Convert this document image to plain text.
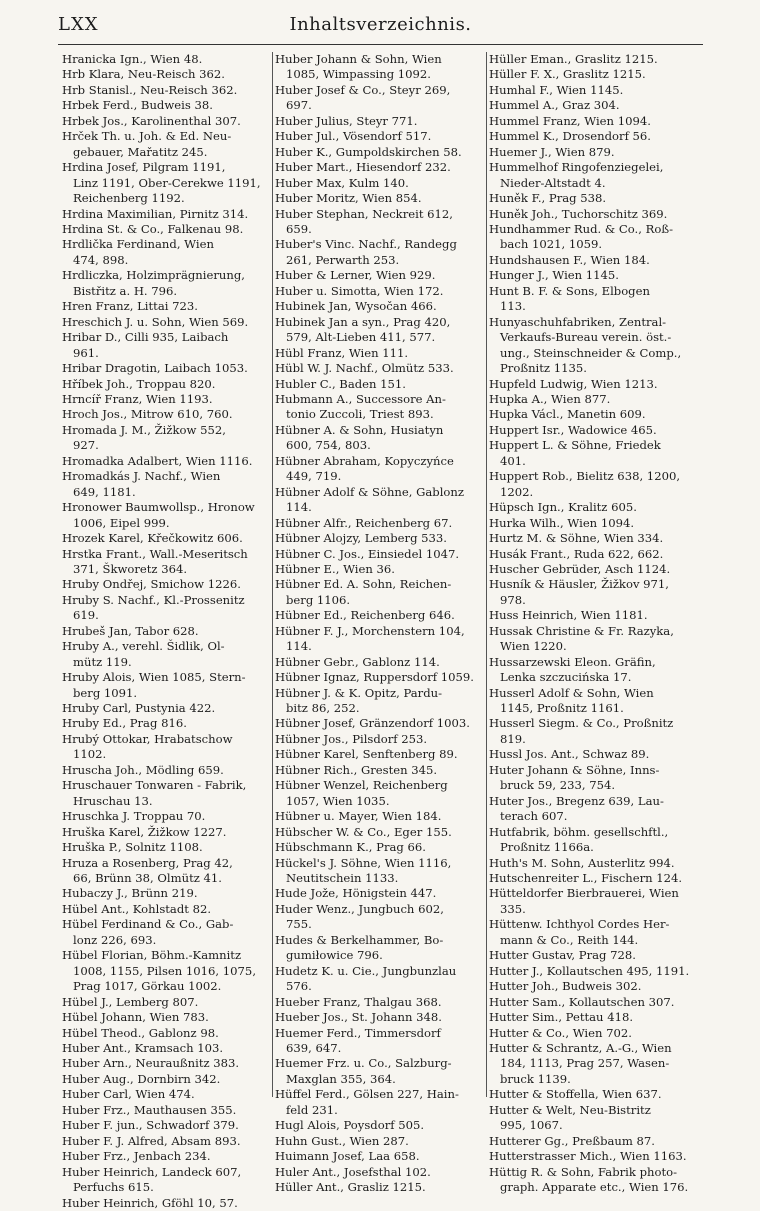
LXX	Inhaltsverzeichnis.
Hranicka Ign., Wien 48.
Hrb Klara, Neu-Reisch 362.
Hrb Stanisl., Neu-Reisch 362.
Hrbek Ferd., Budweis 38.
Hrbek Jos., Karolinenthal 307.
Hrček Th. u. Joh. & Ed. Neu-
gebauer, Mařatitz 245.
Hrdina Josef, Pilgram 1191,
Linz 1191, Ober-Cerekwe 1191,
Reichenberg 1192.
Hrdina Maximilian, Pirnitz 314.
Hrdina St. & Co., Falkenau 98.
Hrdlička Ferdinand, Wien
474, 898.
Hrdliczka, Holzimprägnierung,
Bistřitz a. H. 796.
Hren Franz, Littai 723.
Hreschich J. u. Sohn, Wien 569.
Hribar D., Cilli 935, Laibach
961.
Hribar Dragotin, Laibach 1053.
Hříbek Joh., Troppau 820.
Hrncíř Franz, Wien 1193.
Hroch Jos., Mitrow 610, 760.
Hromada J. M., Žižkow 552,
927.
Hromadka Adalbert, Wien 1116.
Hromadkás J. Nachf., Wien
649, 1181.
Hronower Baumwollsp., Hronow
1006, Eipel 999.
Hrozek Karel, Křečkowitz 606.
Hrstka Frant., Wall.-Meseritsch
371, Škworetz 364.
Hruby Ondřej, Smichow 1226.
Hruby S. Nachf., Kl.-Prossenitz
619.
Hrubeš Jan, Tabor 628.
Hruby A., verehl. Šidlik, Ol-
mütz 119.
Hruby Alois, Wien 1085, Stern-
berg 1091.
Hruby Carl, Pustynia 422.
Hruby Ed., Prag 816.
Hrubý Ottokar, Hrabatschow
1102.
Hruscha Joh., Mödling 659.
Hruschauer Tonwaren - Fabrik,
Hruschau 13.
Hruschka J. Troppau 70.
Hruška Karel, Žižkow 1227.
Hruška P., Solnitz 1108.
Hruza a Rosenberg, Prag 42,
66, Brünn 38, Olmütz 41.
Hubaczy J., Brünn 219.
Hübel Ant., Kohlstadt 82.
Hübel Ferdinand & Co., Gab-
lonz 226, 693.
Hübel Florian, Böhm.-Kamnitz
1008, 1155, Pilsen 1016, 1075,
Prag 1017, Görkau 1002.
Hübel J., Lemberg 807.
Hübel Johann, Wien 783.
Hübel Theod., Gablonz 98.
Huber Ant., Kramsach 103.
Huber Arn., Neuraußnitz 383.
Huber Aug., Dornbirn 342.
Huber Carl, Wien 474.
Huber Frz., Mauthausen 355.
Huber F. jun., Schwadorf 379.
Huber F. J. Alfred, Absam 893.
Huber Frz., Jenbach 234.
Huber Heinrich, Landeck 607,
Perfuchs 615.
Huber Heinrich, Gföhl 10, 57.
Huber Johann & Sohn, Wien
1085, Wimpassing 1092.
Huber Josef & Co., Steyr 269,
697.
Huber Julius, Steyr 771.
Huber Jul., Vösendorf 517.
Huber K., Gumpoldskirchen 58.
Huber Mart., Hiesendorf 232.
Huber Max, Kulm 140.
Huber Moritz, Wien 854.
Huber Stephan, Neckreit 612,
659.
Huber's Vinc. Nachf., Randegg
261, Perwarth 253.
Huber & Lerner, Wien 929.
Huber u. Simotta, Wien 172.
Hubinek Jan, Wysočan 466.
Hubinek Jan a syn., Prag 420,
579, Alt-Lieben 411, 577.
Hübl Franz, Wien 111.
Hübl W. J. Nachf., Olmütz 533.
Hubler C., Baden 151.
Hubmann A., Successore An-
tonio Zuccoli, Triest 893.
Hübner A. & Sohn, Husiatyn
600, 754, 803.
Hübner Abraham, Kopyczyńce
449, 719.
Hübner Adolf & Söhne, Gablonz
114.
Hübner Alfr., Reichenberg 67.
Hübner Alojzy, Lemberg 533.
Hübner C. Jos., Einsiedel 1047.
Hübner E., Wien 36.
Hübner Ed. A. Sohn, Reichen-
berg 1106.
Hübner Ed., Reichenberg 646.
Hübner F. J., Morchenstern 104,
114.
Hübner Gebr., Gablonz 114.
Hübner Ignaz, Ruppersdorf 1059.
Hübner J. & K. Opitz, Pardu-
bitz 86, 252.
Hübner Josef, Gränzendorf 1003.
Hübner Jos., Pilsdorf 253.
Hübner Karel, Senftenberg 89.
Hübner Rich., Gresten 345.
Hübner Wenzel, Reichenberg
1057, Wien 1035.
Hübner u. Mayer, Wien 184.
Hübscher W. & Co., Eger 155.
Hübschmann K., Prag 66.
Hückel's J. Söhne, Wien 1116,
Neutitschein 1133.
Hude Jože, Hönigstein 447.
Huder Wenz., Jungbuch 602,
755.
Hudes & Berkelhammer, Bo-
gumiłowice 796.
Hudetz K. u. Cie., Jungbunzlau
576.
Hueber Franz, Thalgau 368.
Hueber Jos., St. Johann 348.
Huemer Ferd., Timmersdorf
639, 647.
Huemer Frz. u. Co., Salzburg-
Maxglan 355, 364.
Hüffel Ferd., Gölsen 227, Hain-
feld 231.
Hugl Alois, Poysdorf 505.
Huhn Gust., Wien 287.
Huimann Josef, Laa 658.
Huler Ant., Josefsthal 102.
Hüller Ant., Grasliz 1215.
Hüller Eman., Graslitz 1215.
Hüller F. X., Graslitz 1215.
Humhal F., Wien 1145.
Hummel A., Graz 304.
Hummel Franz, Wien 1094.
Hummel K., Drosendorf 56.
Huemer J., Wien 879.
Hummelhof Ringofenziegelei,
Nieder-Altstadt 4.
Huněk F., Prag 538.
Huněk Joh., Tuchorschitz 369.
Hundhammer Rud. & Co., Roß-
bach 1021, 1059.
Hundshausen F., Wien 184.
Hunger J., Wien 1145.
Hunt B. F. & Sons, Elbogen
113.
Hunyaschuhfabriken, Zentral-
Verkaufs-Bureau verein. öst.-
ung., Steinschneider & Comp.,
Proßnitz 1135.
Hupfeld Ludwig, Wien 1213.
Hupka A., Wien 877.
Hupka Václ., Manetin 609.
Huppert Isr., Wadowice 465.
Huppert L. & Söhne, Friedek
401.
Huppert Rob., Bielitz 638, 1200,
1202.
Hüpsch Ign., Kralitz 605.
Hurka Wilh., Wien 1094.
Hurtz M. & Söhne, Wien 334.
Husák Frant., Ruda 622, 662.
Huscher Gebrüder, Asch 1124.
Husník & Häusler, Žižkov 971,
978.
Huss Heinrich, Wien 1181.
Hussak Christine & Fr. Razyka,
Wien 1220.
Hussarzewski Eleon. Gräfin,
Lenka szczucińska 17.
Husserl Adolf & Sohn, Wien
1145, Proßnitz 1161.
Husserl Siegm. & Co., Proßnitz
819.
Hussl Jos. Ant., Schwaz 89.
Huter Johann & Söhne, Inns-
bruck 59, 233, 754.
Huter Jos., Bregenz 639, Lau-
terach 607.
Hutfabrik, böhm. gesellschftl.,
Proßnitz 1166a.
Huth's M. Sohn, Austerlitz 994.
Hutschenreiter L., Fischern 124.
Hütteldorfer Bierbrauerei, Wien
335.
Hüttenw. Ichthyol Cordes Her-
mann & Co., Reith 144.
Hutter Gustav, Prag 728.
Hutter J., Kollautschen 495, 1191.
Hutter Joh., Budweis 302.
Hutter Sam., Kollautschen 307.
Hutter Sim., Pettau 418.
Hutter & Co., Wien 702.
Hutter & Schrantz, A.-G., Wien
184, 1113, Prag 257, Wasen-
bruck 1139.
Hutter & Stoffella, Wien 637.
Hutter & Welt, Neu-Bistritz
995, 1067.
Hutterer Gg., Preßbaum 87.
Hutterstrasser Mich., Wien 1163.
Hüttig R. & Sohn, Fabrik photo-
graph. Apparate etc., Wien 176.
